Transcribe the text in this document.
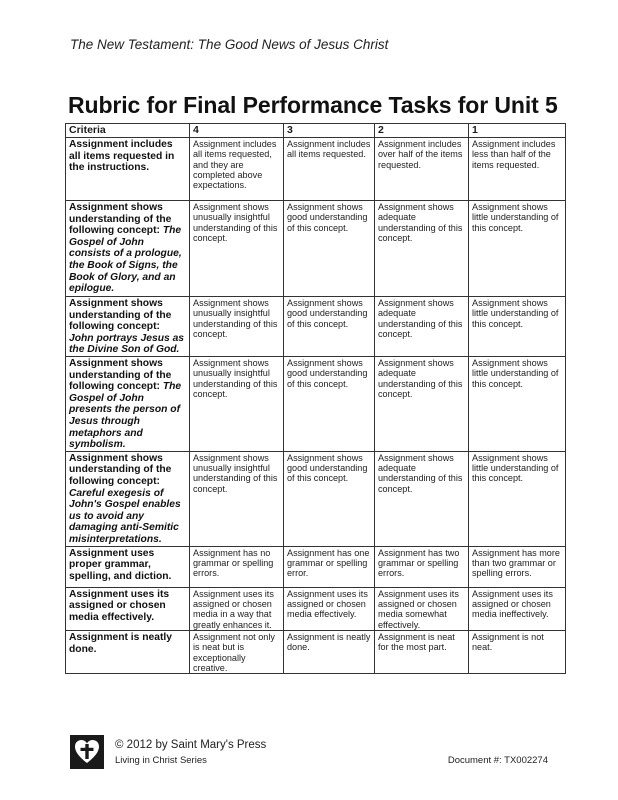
The New Testament: The Good News of Jesus Christ
Rubric for Final Performance Tasks for Unit 5
Criteria	4	3	2	1
Assignment includes all items requested in the instructions.	Assignment includes all items requested, and they are completed above expectations.	Assignment includes all items requested.	Assignment includes over half of the items requested.	Assignment includes less than half of the items requested.
Assignment shows understanding of the following concept: The Gospel of John consists of a prologue, the Book of Signs, the Book of Glory, and an epilogue.	Assignment shows unusually insightful understanding of this concept.	Assignment shows good understanding of this concept.	Assignment shows adequate understanding of this concept.	Assignment shows little understanding of this concept.
Assignment shows understanding of the following concept: John portrays Jesus as the Divine Son of God.	Assignment shows unusually insightful understanding of this concept.	Assignment shows good understanding of this concept.	Assignment shows adequate understanding of this concept.	Assignment shows little understanding of this concept.
Assignment shows understanding of the following concept: The Gospel of John presents the person of Jesus through metaphors and symbolism.	Assignment shows unusually insightful understanding of this concept.	Assignment shows good understanding of this concept.	Assignment shows adequate understanding of this concept.	Assignment shows little understanding of this concept.
Assignment shows understanding of the following concept: Careful exegesis of John's Gospel enables us to avoid any damaging anti-Semitic misinterpretations.	Assignment shows unusually insightful understanding of this concept.	Assignment shows good understanding of this concept.	Assignment shows adequate understanding of this concept.	Assignment shows little understanding of this concept.
Assignment uses proper grammar, spelling, and diction.	Assignment has no grammar or spelling errors.	Assignment has one grammar or spelling error.	Assignment has two grammar or spelling errors.	Assignment has more than two grammar or spelling errors.
Assignment uses its assigned or chosen media effectively.	Assignment uses its assigned or chosen media in a way that greatly enhances it.	Assignment uses its assigned or chosen media effectively.	Assignment uses its assigned or chosen media somewhat effectively.	Assignment uses its assigned or chosen media ineffectively.
Assignment is neatly done.	Assignment not only is neat but is exceptionally creative.	Assignment is neatly done.	Assignment is neat for the most part.	Assignment is not neat.
© 2012 by Saint Mary's Press
Living in Christ Series	Document #: TX002274
